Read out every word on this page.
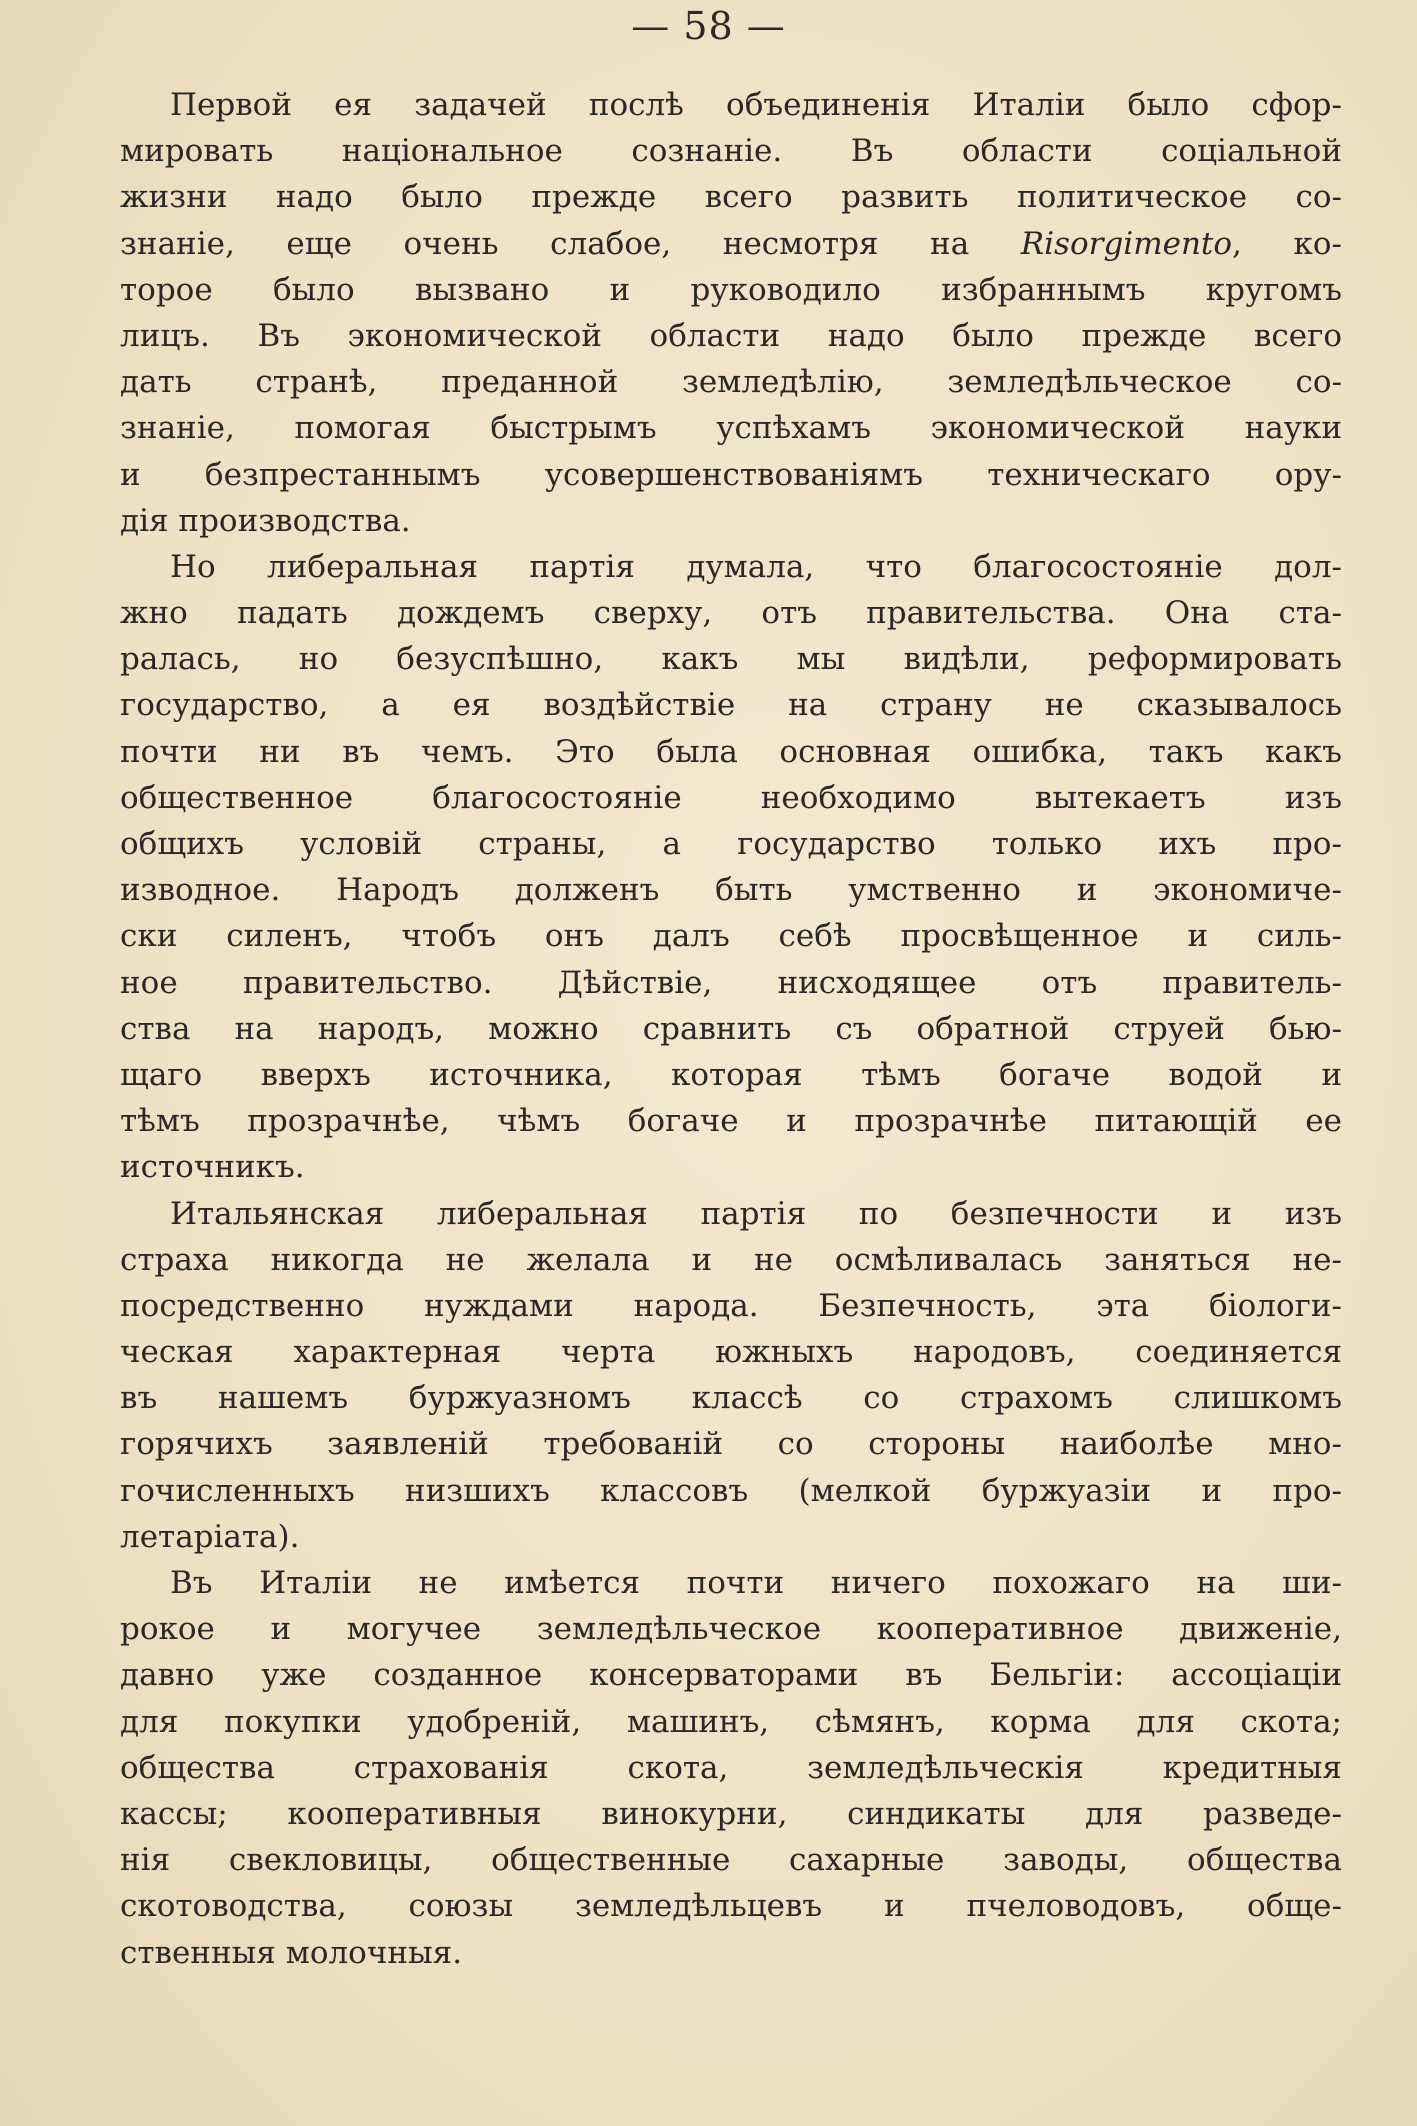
— 58 —
Первой ея задачей послѣ объединенія Италіи было сфор-
мировать національное сознаніе. Въ области соціальной
жизни надо было прежде всего развить политическое со-
знаніе, еще очень слабое, несмотря на Risorgimento, ко-
торое было вызвано и руководило избраннымъ кругомъ
лицъ. Въ экономической области надо было прежде всего
дать странѣ, преданной земледѣлію, земледѣльческое со-
знаніе, помогая быстрымъ успѣхамъ экономической науки
и безпрестаннымъ усовершенствованіямъ техническаго ору-
дія производства.
Но либеральная партія думала, что благосостояніе дол-
жно падать дождемъ сверху, отъ правительства. Она ста-
ралась, но безуспѣшно, какъ мы видѣли, реформировать
государство, а ея воздѣйствіе на страну не сказывалось
почти ни въ чемъ. Это была основная ошибка, такъ какъ
общественное благосостояніе необходимо вытекаетъ изъ
общихъ условій страны, а государство только ихъ про-
изводное. Народъ долженъ быть умственно и экономиче-
ски силенъ, чтобъ онъ далъ себѣ просвѣщенное и силь-
ное правительство. Дѣйствіе, нисходящее отъ правитель-
ства на народъ, можно сравнить съ обратной струей бью-
щаго вверхъ источника, которая тѣмъ богаче водой и
тѣмъ прозрачнѣе, чѣмъ богаче и прозрачнѣе питающій ее
источникъ.
Итальянская либеральная партія по безпечности и изъ
страха никогда не желала и не осмѣливалась заняться не-
посредственно нуждами народа. Безпечность, эта біологи-
ческая характерная черта южныхъ народовъ, соединяется
въ нашемъ буржуазномъ классѣ со страхомъ слишкомъ
горячихъ заявленій требованій со стороны наиболѣе мно-
гочисленныхъ низшихъ классовъ (мелкой буржуазіи и про-
летаріата).
Въ Италіи не имѣется почти ничего похожаго на ши-
рокое и могучее земледѣльческое кооперативное движеніе,
давно уже созданное консерваторами въ Бельгіи: ассоціаціи
для покупки удобреній, машинъ, сѣмянъ, корма для скота;
общества страхованія скота, земледѣльческія кредитныя
кассы; кооперативныя винокурни, синдикаты для разведе-
нія свекловицы, общественные сахарные заводы, общества
скотоводства, союзы земледѣльцевъ и пчеловодовъ, обще-
ственныя молочныя.
